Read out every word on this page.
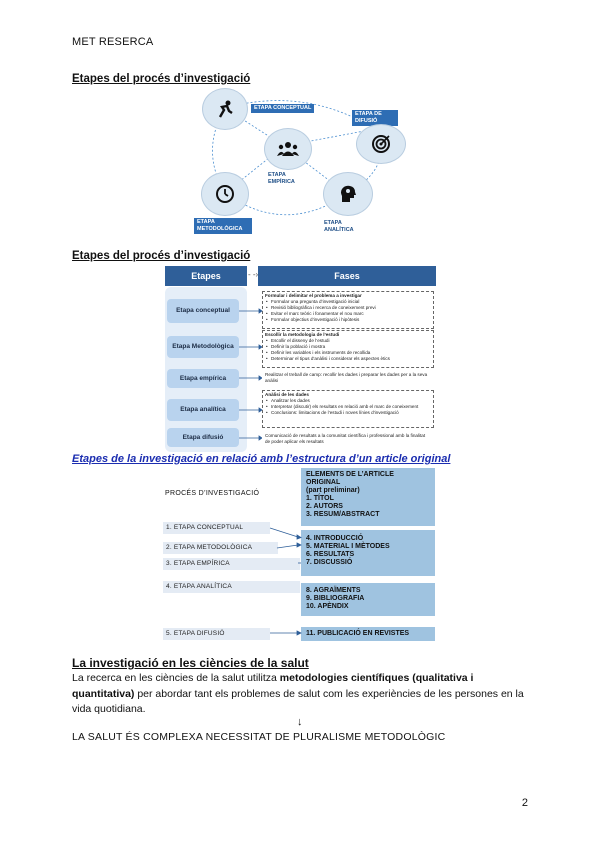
MET RESERCA
Etapes del procés d’investigació
ETAPA CONCEPTUAL
ETAPA EMPÍRICA
ETAPA DE DIFUSIÓ
ETAPA METODOLÒGICA
ETAPA ANALÍTICA
Etapes del procés d’investigació
Etapes	- -›	Fases
Etapa conceptual
Etapa Metodològica
Etapa empírica
Etapa analítica
Etapa difusió
Formular i delimitar el problema a investigar
• Formular una pregunta d’investigació inicial
• Revisió bibliogràfica i recerca de coneixement previ
• Evitar el marc teòric i fonamentar el nou marc
• Formular objectius d’investigació i hipòtesis
Escollir la metodologia de l’estudi
• Escollir el disseny de l’estudi
• Definir la població i mostra
• Definir les variables i els instruments de recollida
• Determinar el tipus d’anàlisi i considerar els aspectes ètics
Realitzar el treball de camp: recollir les dades i preparar les dades per a la seva anàlisi
Anàlisi de les dades
• Analitzar les dades
• Interpretar (discutir) els resultats en relació amb el marc de coneixement
• Conclusions: limitacions de l’estudi i noves línies d’investigació
Comunicació de resultats a la comunitat científica i professional amb la finalitat de poder aplicar els resultats
Etapes de la investigació en relació amb l’estructura d’un article original
PROCÉS D’INVESTIGACIÓ
ELEMENTS DE L’ARTICLE ORIGINAL
(part preliminar)
1. TÍTOL
2. AUTORS
3. RESUM/ABSTRACT
4. INTRODUCCIÓ
5. MATERIAL I MÈTODES
6. RESULTATS
7. DISCUSSIÓ
8. AGRAÏMENTS
9. BIBLIOGRAFIA
10. APÈNDIX
11. PUBLICACIÓ EN REVISTES
1. ETAPA CONCEPTUAL
2. ETAPA METODOLÒGICA
3. ETAPA EMPÍRICA
4. ETAPA ANALÍTICA
5. ETAPA DIFUSIÓ
La investigació en les ciències de la salut
La recerca en les ciències de la salut utilitza metodologies científiques (qualitativa i quantitativa) per abordar tant els problemes de salut com les experiències de les persones en la vida quotidiana.
↓
LA SALUT ÉS COMPLEXA NECESSITAT DE PLURALISME METODOLÒGIC
2
